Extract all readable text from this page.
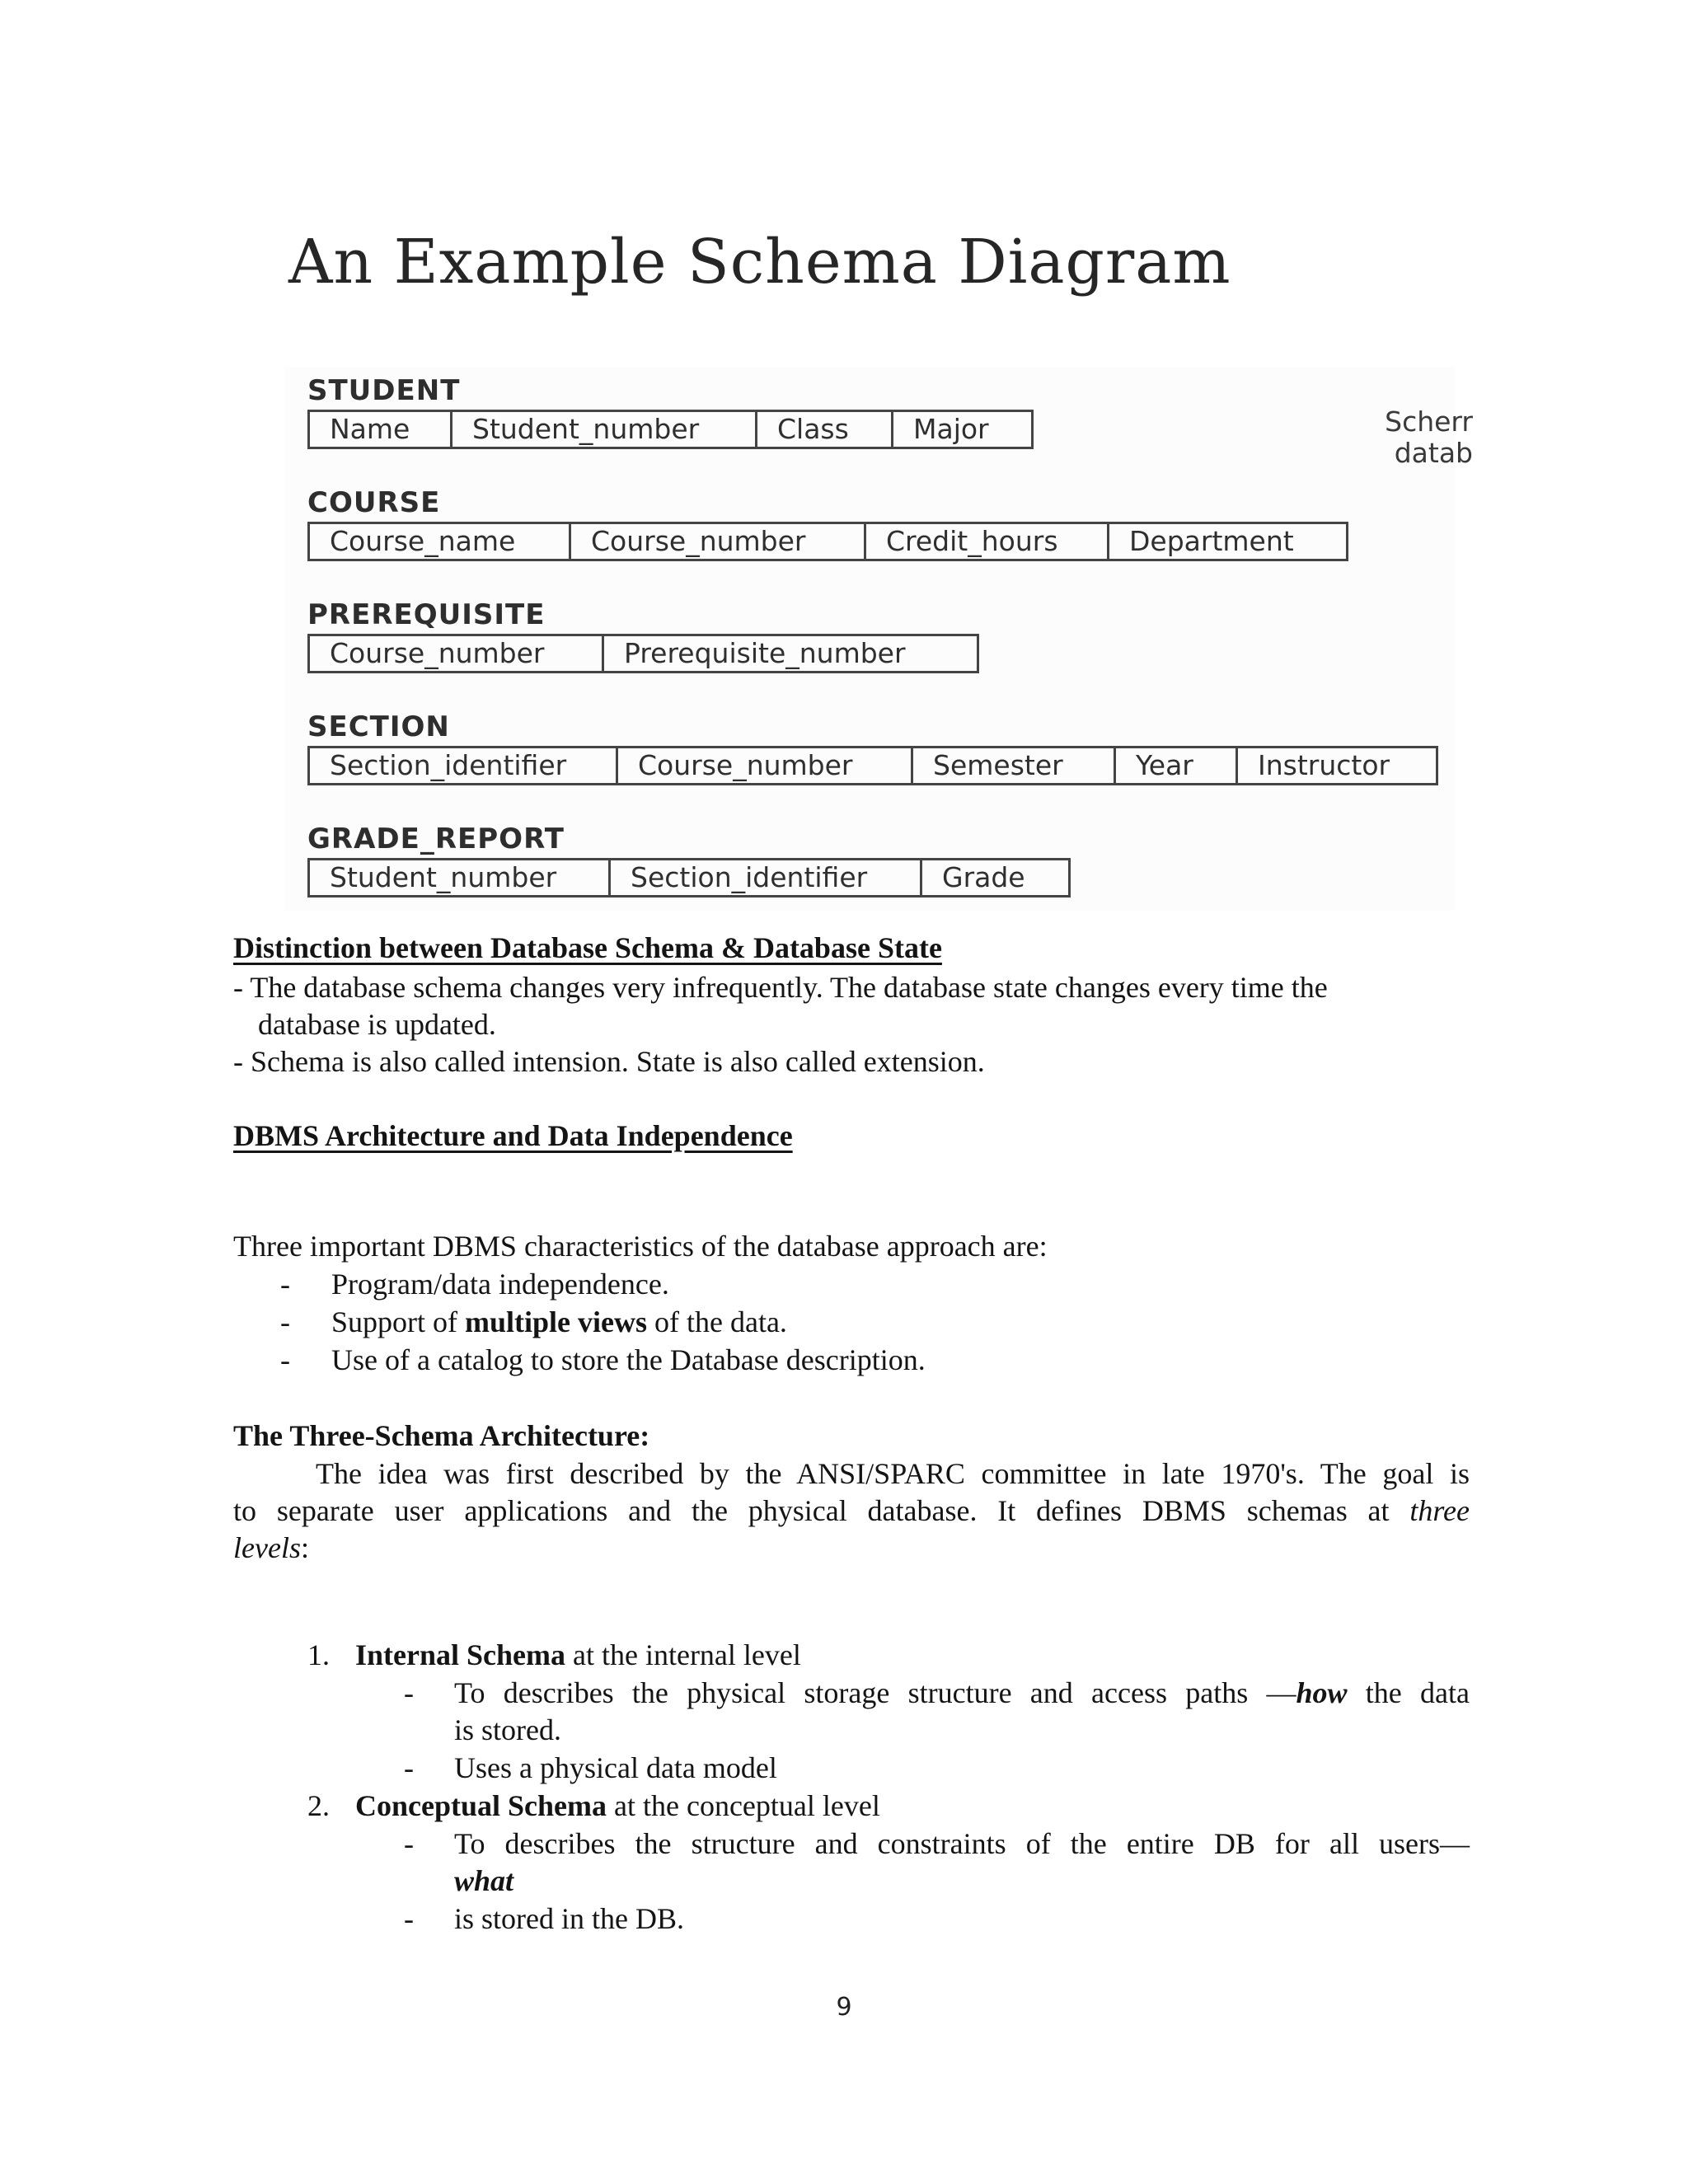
An Example Schema Diagram
Scherr
datab
STUDENT
Name	Student_number	Class	Major
COURSE
Course_name	Course_number	Credit_hours	Department
PREREQUISITE
Course_number	Prerequisite_number
SECTION
Section_identifier	Course_number	Semester	Year	Instructor
GRADE_REPORT
Student_number	Section_identifier	Grade
Distinction between Database Schema & Database State
- The database schema changes very infrequently. The database state changes every time the
database is updated.
- Schema is also called intension. State is also called extension.
DBMS Architecture and Data Independence
Three important DBMS characteristics of the database approach are:
- Program/data independence.
- Support of multiple views of the data.
- Use of a catalog to store the Database description.
The Three-Schema Architecture:
The idea was first described by the ANSI/SPARC committee in late 1970's. The goal is
to separate user applications and the physical database. It defines DBMS schemas at three
levels:
1. Internal Schema at the internal level
- To describes the physical storage structure and access paths —how the data
is stored.
- Uses a physical data model
2. Conceptual Schema at the conceptual level
- To describes the structure and constraints of the entire DB for all users—
what
- is stored in the DB.
9
